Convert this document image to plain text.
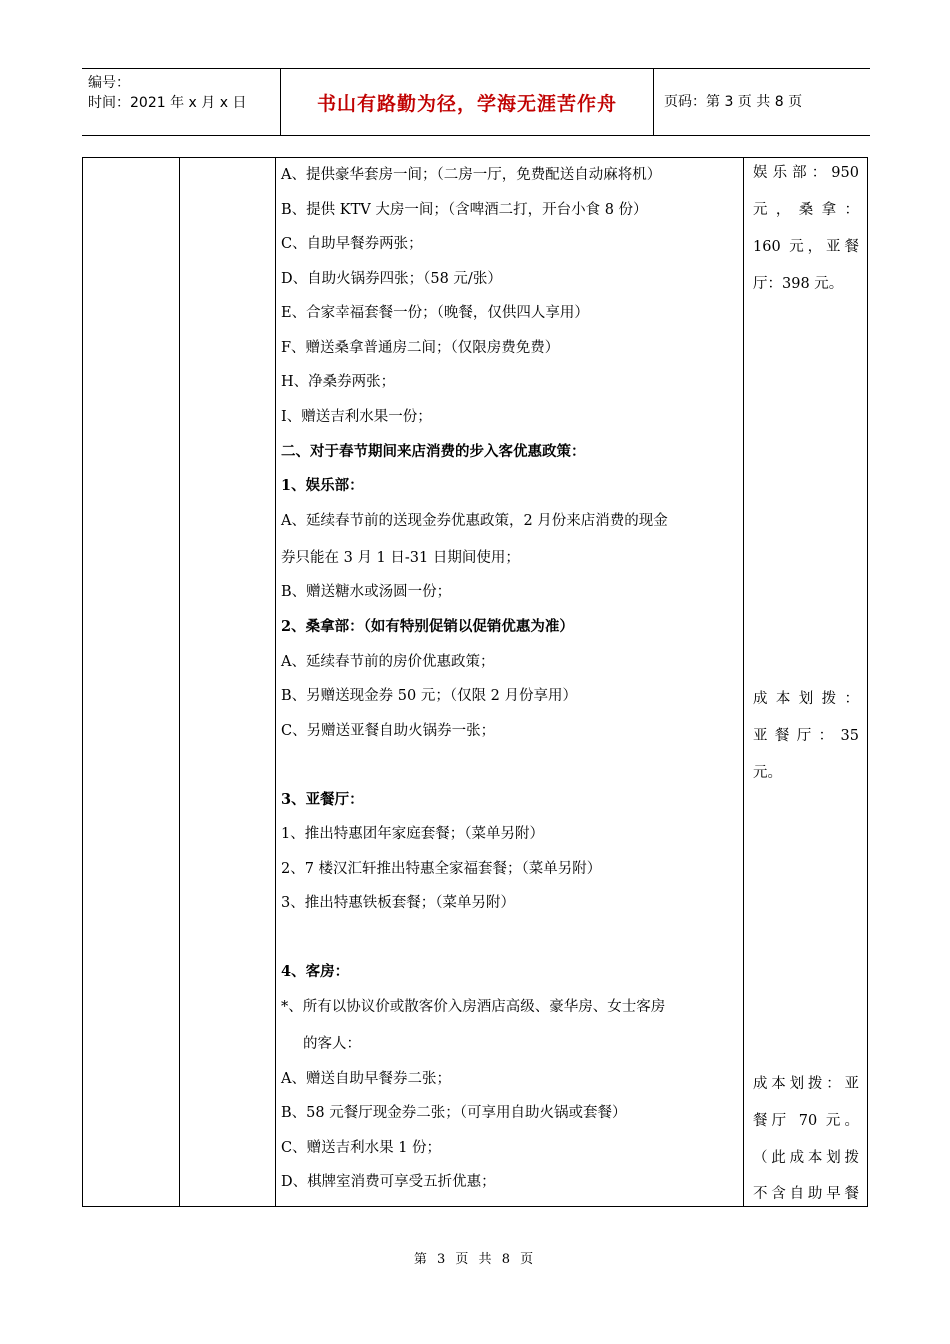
编号：
时间：2021 年 x 月 x 日	书山有路勤为径，学海无涯苦作舟	页码：第 3 页 共 8 页
A、提供豪华套房一间；（二房一厅，免费配送自动麻将机）
B、提供 KTV 大房一间；（含啤酒二打，开台小食 8 份）
C、自助早餐券两张；
D、自助火锅券四张；（58 元/张）
E、合家幸福套餐一份；（晚餐，仅供四人享用）
F、赠送桑拿普通房二间；（仅限房费免费）
H、净桑券两张；
I、赠送吉利水果一份；
二、对于春节期间来店消费的步入客优惠政策：
1、娱乐部：
A、延续春节前的送现金券优惠政策，2 月份来店消费的现金
券只能在 3 月 1 日-31 日期间使用；
B、赠送糖水或汤圆一份；
2、桑拿部：（如有特别促销以促销优惠为准）
A、延续春节前的房价优惠政策；
B、另赠送现金券 50 元；（仅限 2 月份享用）
C、另赠送亚餐自助火锅券一张；
3、亚餐厅：
1、推出特惠团年家庭套餐；（菜单另附）
2、7 楼汉汇轩推出特惠全家福套餐；（菜单另附）
3、推出特惠铁板套餐；（菜单另附）
4、客房：
*、所有以协议价或散客价入房酒店高级、豪华房、女士客房
的客人：
A、赠送自助早餐券二张；
B、58 元餐厅现金券二张；（可享用自助火锅或套餐）
C、赠送吉利水果 1 份；
D、棋牌室消费可享受五折优惠；
娱乐部：950
元，桑拿：
160 元，亚餐
厅：398 元。
成本划拨：
亚餐厅：35
元。
成本划拨：亚
餐厅 70 元。
（此成本划拨
不含自助早餐
第 3 页 共 8 页
